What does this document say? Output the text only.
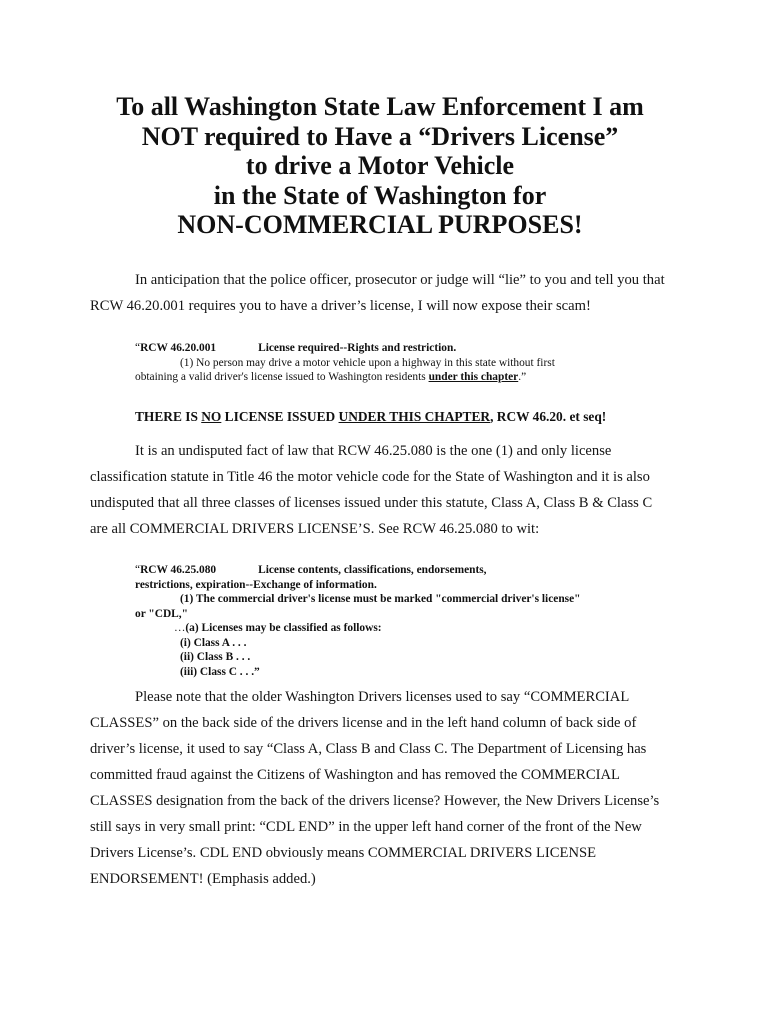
To all Washington State Law Enforcement I am
NOT required to Have a “Drivers License”
to drive a Motor Vehicle
in the State of Washington for
NON-COMMERCIAL PURPOSES!

In anticipation that the police officer, prosecutor or judge will “lie” to you and tell you that
RCW 46.20.001 requires you to have a driver’s license, I will now expose their scam!

“RCW 46.20.001	License required--Rights and restriction.
(1) No person may drive a motor vehicle upon a highway in this state without first
obtaining a valid driver's license issued to Washington residents under this chapter.”
THERE IS NO LICENSE ISSUED UNDER THIS CHAPTER, RCW 46.20. et seq!

It is an undisputed fact of law that RCW 46.25.080 is the one (1) and only license
classification statute in Title 46 the motor vehicle code for the State of Washington and it is also
undisputed that all three classes of licenses issued under this statute, Class A, Class B & Class C
are all COMMERCIAL DRIVERS LICENSE’S. See RCW 46.25.080 to wit:

“RCW 46.25.080	License contents, classifications, endorsements,
restrictions, expiration--Exchange of information.
(1) The commercial driver's license must be marked "commercial driver's license"
or "CDL,"
…(a) Licenses may be classified as follows:
(i) Class A . . .
(ii) Class B . . .
(iii) Class C . . .”

Please note that the older Washington Drivers licenses used to say “COMMERCIAL
CLASSES” on the back side of the drivers license and in the left hand column of back side of
driver’s license, it used to say “Class A, Class B and Class C. The Department of Licensing has
committed fraud against the Citizens of Washington and has removed the COMMERCIAL
CLASSES designation from the back of the drivers license? However, the New Drivers License’s
still says in very small print: “CDL END” in the upper left hand corner of the front of the New
Drivers License’s. CDL END obviously means COMMERCIAL DRIVERS LICENSE
ENDORSEMENT! (Emphasis added.)
